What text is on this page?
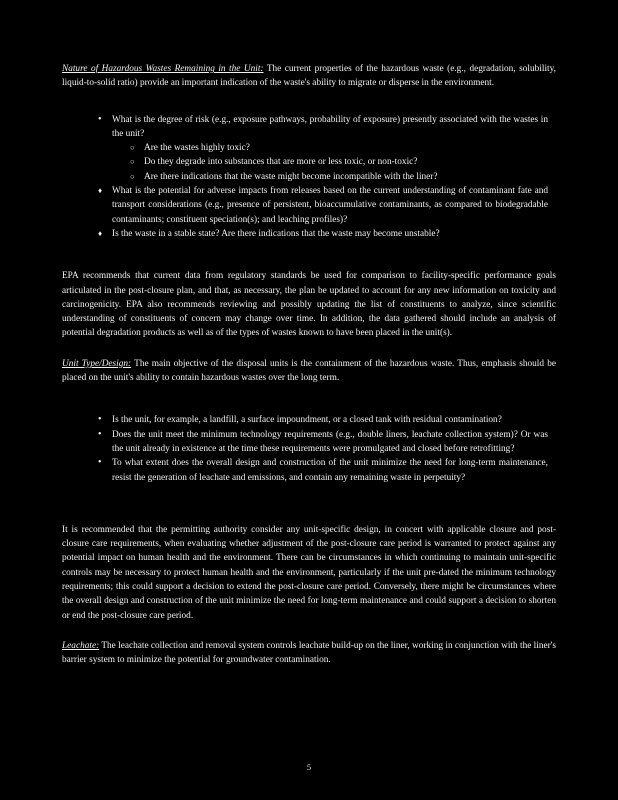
Nature of Hazardous Wastes Remaining in the Unit: The current properties of the hazardous waste (e.g., degradation, solubility, liquid-to-solid ratio) provide an important indication of the waste's ability to migrate or disperse in the environment.

• What is the degree of risk (e.g., exposure pathways, probability of exposure) presently associated with the wastes in the unit?
○ Are the wastes highly toxic?
○ Do they degrade into substances that are more or less toxic, or non-toxic?
○ Are there indications that the waste might become incompatible with the liner?
♦ What is the potential for adverse impacts from releases based on the current understanding of contaminant fate and transport considerations (e.g., presence of persistent, bioaccumulative contaminants, as compared to biodegradable contaminants; constituent speciation(s); and leaching profiles)?
♦ Is the waste in a stable state? Are there indications that the waste may become unstable?

EPA recommends that current data from regulatory standards be used for comparison to facility-specific performance goals articulated in the post-closure plan, and that, as necessary, the plan be updated to account for any new information on toxicity and carcinogenicity. EPA also recommends reviewing and possibly updating the list of constituents to analyze, since scientific understanding of constituents of concern may change over time. In addition, the data gathered should include an analysis of potential degradation products as well as of the types of wastes known to have been placed in the unit(s).

Unit Type/Design: The main objective of the disposal units is the containment of the hazardous waste. Thus, emphasis should be placed on the unit's ability to contain hazardous wastes over the long term.

• Is the unit, for example, a landfill, a surface impoundment, or a closed tank with residual contamination?
• Does the unit meet the minimum technology requirements (e.g., double liners, leachate collection system)? Or was the unit already in existence at the time these requirements were promulgated and closed before retrofitting?
• To what extent does the overall design and construction of the unit minimize the need for long-term maintenance, resist the generation of leachate and emissions, and contain any remaining waste in perpetuity?

It is recommended that the permitting authority consider any unit-specific design, in concert with applicable closure and post-closure care requirements, when evaluating whether adjustment of the post-closure care period is warranted to protect against any potential impact on human health and the environment. There can be circumstances in which continuing to maintain unit-specific controls may be necessary to protect human health and the environment, particularly if the unit pre-dated the minimum technology requirements; this could support a decision to extend the post-closure care period. Conversely, there might be circumstances where the overall design and construction of the unit minimize the need for long-term maintenance and could support a decision to shorten or end the post-closure care period.

Leachate: The leachate collection and removal system controls leachate build-up on the liner, working in conjunction with the liner's barrier system to minimize the potential for groundwater contamination.

5
